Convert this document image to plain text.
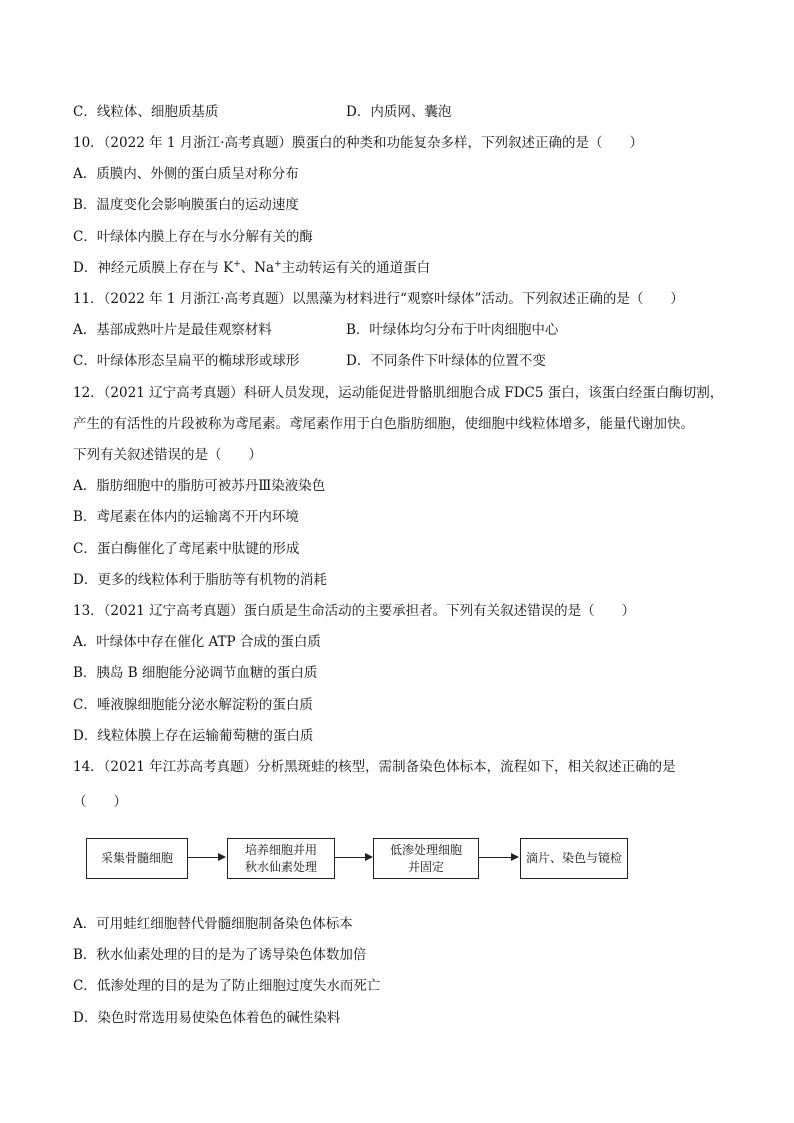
C．线粒体、细胞质基质	D．内质网、囊泡
10．（2022 年 1 月浙江·高考真题）膜蛋白的种类和功能复杂多样，下列叙述正确的是（　　）
A．质膜内、外侧的蛋白质呈对称分布
B．温度变化会影响膜蛋白的运动速度
C．叶绿体内膜上存在与水分解有关的酶
D．神经元质膜上存在与 K+、Na+主动转运有关的通道蛋白
11．（2022 年 1 月浙江·高考真题）以黑藻为材料进行“观察叶绿体”活动。下列叙述正确的是（　　）
A．基部成熟叶片是最佳观察材料	B．叶绿体均匀分布于叶肉细胞中心
C．叶绿体形态呈扁平的椭球形或球形	D．不同条件下叶绿体的位置不变
12．（2021 辽宁高考真题）科研人员发现，运动能促进骨骼肌细胞合成 FDC5 蛋白，该蛋白经蛋白酶切割，
产生的有活性的片段被称为鸢尾素。鸢尾素作用于白色脂肪细胞，使细胞中线粒体增多，能量代谢加快。
下列有关叙述错误的是（　　）
A．脂肪细胞中的脂肪可被苏丹Ⅲ染液染色
B．鸢尾素在体内的运输离不开内环境
C．蛋白酶催化了鸢尾素中肽键的形成
D．更多的线粒体利于脂肪等有机物的消耗
13．（2021 辽宁高考真题）蛋白质是生命活动的主要承担者。下列有关叙述错误的是（　　）
A．叶绿体中存在催化 ATP 合成的蛋白质
B．胰岛 B 细胞能分泌调节血糖的蛋白质
C．唾液腺细胞能分泌水解淀粉的蛋白质
D．线粒体膜上存在运输葡萄糖的蛋白质
14．（2021 年江苏高考真题）分析黑斑蛙的核型，需制备染色体标本，流程如下，相关叙述正确的是
（　　）
采集骨髓细胞
培养细胞并用
秋水仙素处理
低渗处理细胞
并固定
滴片、染色与镜检
A．可用蛙红细胞替代骨髓细胞制备染色体标本
B．秋水仙素处理的目的是为了诱导染色体数加倍
C．低渗处理的目的是为了防止细胞过度失水而死亡
D．染色时常选用易使染色体着色的碱性染料
